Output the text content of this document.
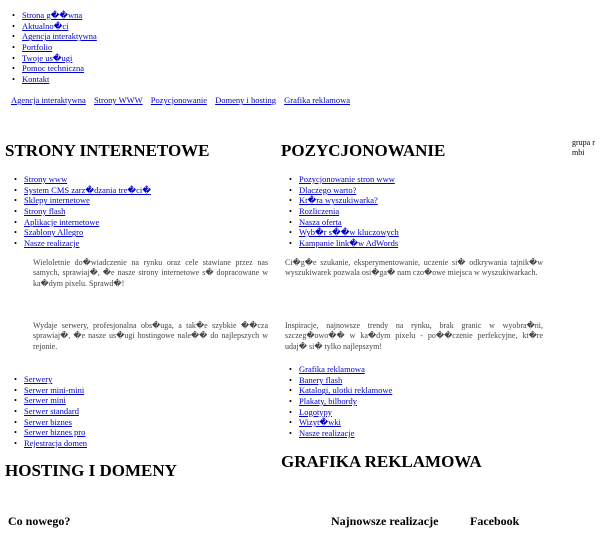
• Strona g��wna
• Aktualno�ci
• Agencja interaktywna
• Portfolio
• Twoje us�ugi
• Pomoc techniczna
• Kontakt
Agencja interaktywna Strony WWW Pozycjonowanie Domeny i hosting Grafika reklamowa
STRONY INTERNETOWE
• Strony www
• System CMS zarz�dzania tre�ci�
• Sklepy internetowe
• Strony flash
• Aplikacje internetowe
• Szablony Allegro
• Nasze realizacje

Wieloletnie do�wiadczenie na rynku oraz cele stawiane przez nas samych, sprawiaj�, �e nasze strony internetowe s� dopracowane w ka�dym pixelu. Sprawd�!

Wydaje serwery, profesjonalna obs�uga, a tak�e szybkie ��cza sprawiaj�, �e nasze us�ugi hostingowe nale�� do najlepszych w rejonie.

• Serwery
• Serwer mini-mini
• Serwer mini
• Serwer standard
• Serwer biznes
• Serwer biznes pro
• Rejestracja domen
HOSTING I DOMENY
POZYCJONOWANIE
• Pozycjonowanie stron www
• Dlaczego warto?
• Kt�ra wyszukiwarka?
• Rozliczenia
• Nasza oferta
• Wyb�r s��w kluczowych
• Kampanie link�w AdWords

Ci�g�e szukanie, eksperymentowanie, uczenie si� odkrywania tajnik�w wyszukiwarek pozwala osi�ga� nam czo�owe miejsca w wyszukiwarkach.

Inspiracje, najnowsze trendy na rynku, brak granic w wyobra�ni, szczeg�owo�� w ka�dym pixelu - po��czenie perfekcyjne, kt�re udaj� si� tylko najlepszym!

• Grafika reklamowa
• Banery flash
• Katalogi, ulotki reklamowe
• Plakaty, bilbordy
• Logotypy
• Wizyt�wki
• Nasze realizacje
GRAFIKA REKLAMOWA
grupa rmbi
Co nowego?	Najnowsze realizacje	Facebook
